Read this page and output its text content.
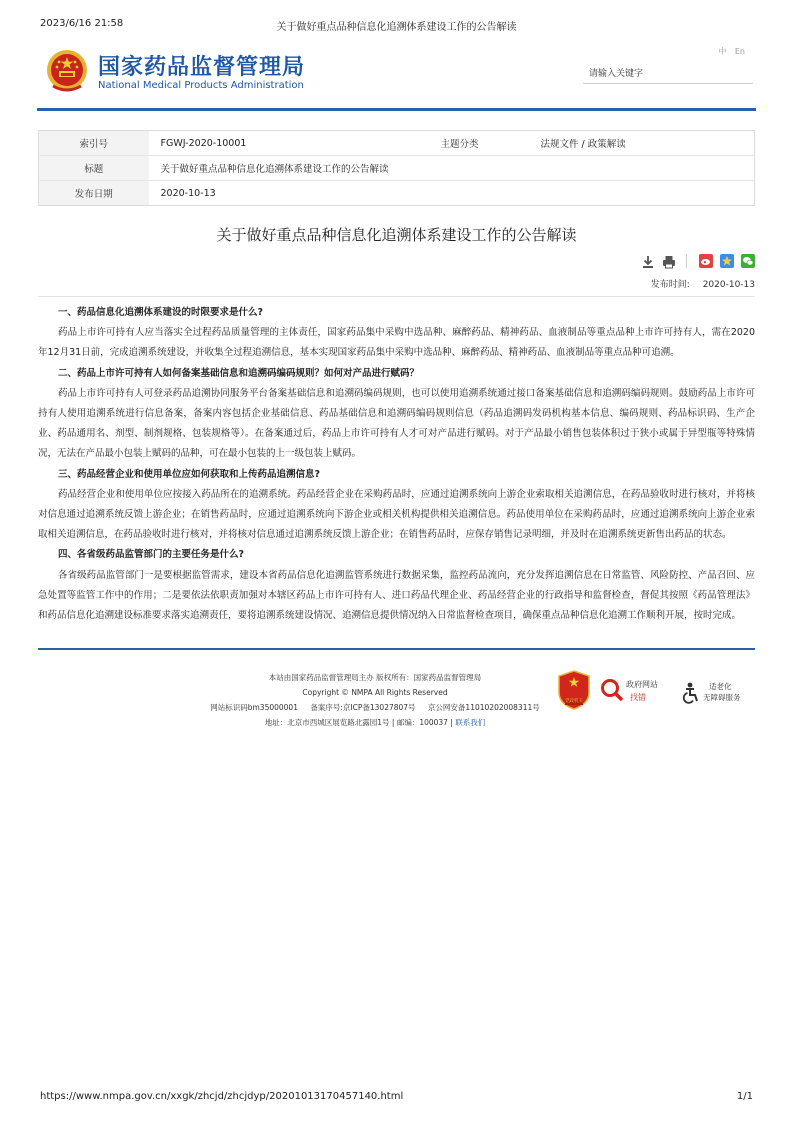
2023/6/16 21:58	关于做好重点品种信息化追溯体系建设工作的公告解读
国家药品监督管理局
National Medical Products Administration
中 En
请输入关键字
索引号	FGWJ-2020-10001	主题分类	法规文件 / 政策解读
标题	关于做好重点品种信息化追溯体系建设工作的公告解读		
发布日期	2020-10-13		
关于做好重点品种信息化追溯体系建设工作的公告解读

发布时间: 2020-10-13
一、药品信息化追溯体系建设的时限要求是什么?

药品上市许可持有人应当落实全过程药品质量管理的主体责任，国家药品集中采购中选品种、麻醉药品、精神药品、血液制品等重点品种上市许可持有人，需在2020年12月31日前，完成追溯系统建设，并收集全过程追溯信息，基本实现国家药品集中采购中选品种、麻醉药品、精神药品、血液制品等重点品种可追溯。

二、药品上市许可持有人如何备案基础信息和追溯码编码规则？如何对产品进行赋码？

药品上市许可持有人可登录药品追溯协同服务平台备案基础信息和追溯码编码规则，也可以使用追溯系统通过接口备案基础信息和追溯码编码规则。鼓励药品上市许可持有人使用追溯系统进行信息备案，备案内容包括企业基础信息、药品基础信息和追溯码编码规则信息（药品追溯码发码机构基本信息、编码规则、药品标识码、生产企业、药品通用名、剂型、制剂规格、包装规格等）。在备案通过后，药品上市许可持有人才可对产品进行赋码。对于产品最小销售包装体积过于狭小或属于异型瓶等特殊情况，无法在产品最小包装上赋码的品种，可在最小包装的上一级包装上赋码。

三、药品经营企业和使用单位应如何获取和上传药品追溯信息?

药品经营企业和使用单位应按接入药品所在的追溯系统。药品经营企业在采购药品时，应通过追溯系统向上游企业索取相关追溯信息，在药品验收时进行核对，并将核对信息通过追溯系统反馈上游企业；在销售药品时，应通过追溯系统向下游企业或相关机构提供相关追溯信息。药品使用单位在采购药品时，应通过追溯系统向上游企业索取相关追溯信息，在药品验收时进行核对，并将核对信息通过追溯系统反馈上游企业；在销售药品时，应保存销售记录明细，并及时在追溯系统更新售出药品的状态。

四、各省级药品监管部门的主要任务是什么?

各省级药品监管部门一是要根据监管需求，建设本省药品信息化追溯监管系统进行数据采集，监控药品流向，充分发挥追溯信息在日常监管、风险防控、产品召回、应急处置等监管工作中的作用；二是要依法依职责加强对本辖区药品上市许可持有人、进口药品代理企业、药品经营企业的行政指导和监督检查，督促其按照《药品管理法》和药品信息化追溯建设标准要求落实追溯责任，要将追溯系统建设情况、追溯信息提供情况纳入日常监督检查项目，确保重点品种信息化追溯工作顺利开展，按时完成。

本站由国家药品监督管理局主办 版权所有：国家药品监督管理局
Copyright © NMPA All Rights Reserved
网站标识码bm35000001 备案序号:京ICP备13027807号 京公网安备11010202008311号
地址：北京市西城区展览路北露园1号 | 邮编：100037 | 联系我们
党政机关
政府网站
找错
适老化
无障碍服务
https://www.nmpa.gov.cn/xxgk/zhcjd/zhcjdyp/20201013170457140.html	1/1
